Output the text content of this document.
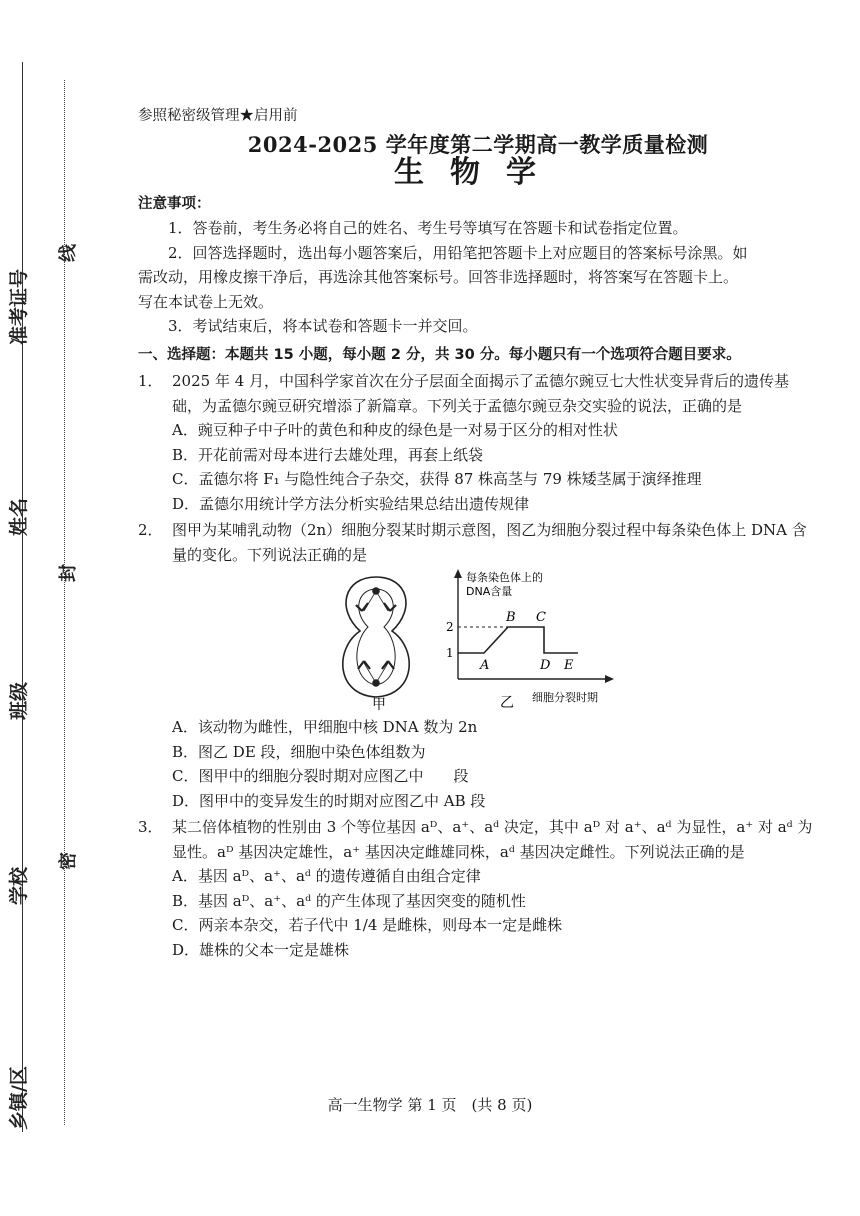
乡镇/区
学校
班级
姓名
准考证号
密
封
线
参照秘密级管理★启用前
2024-2025 学年度第二学期高一教学质量检测
生物学
注意事项：
1．答卷前，考生务必将自己的姓名、考生号等填写在答题卡和试卷指定位置。
2．回答选择题时，选出每小题答案后，用铅笔把答题卡上对应题目的答案标号涂黑。如
需改动，用橡皮擦干净后，再选涂其他答案标号。回答非选择题时，将答案写在答题卡上。
写在本试卷上无效。
3．考试结束后，将本试卷和答题卡一并交回。
一、选择题：本题共 15 小题，每小题 2 分，共 30 分。每小题只有一个选项符合题目要求。
1． 2025 年 4 月，中国科学家首次在分子层面全面揭示了孟德尔豌豆七大性状变异背后的遗传基础，为孟德尔豌豆研究增添了新篇章。下列关于孟德尔豌豆杂交实验的说法，正确的是
A．豌豆种子中子叶的黄色和种皮的绿色是一对易于区分的相对性状
B．开花前需对母本进行去雄处理，再套上纸袋
C．孟德尔将 F₁ 与隐性纯合子杂交，获得 87 株高茎与 79 株矮茎属于演绎推理
D．孟德尔用统计学方法分析实验结果总结出遗传规律
2． 图甲为某哺乳动物（2n）细胞分裂某时期示意图，图乙为细胞分裂过程中每条染色体上 DNA 含量的变化。下列说法正确的是
甲
每条染色体上的
DNA含量
1
2
A
B C
D E
乙 细胞分裂时期
A．该动物为雌性，甲细胞中核 DNA 数为 2n
B．图乙 DE 段，细胞中染色体组数为
C．图甲中的细胞分裂时期对应图乙中　　段
D．图甲中的变异发生的时期对应图乙中 AB 段
3． 某二倍体植物的性别由 3 个等位基因 aᴰ、a⁺、aᵈ 决定，其中 aᴰ 对 a⁺、aᵈ 为显性，a⁺ 对 aᵈ 为显性。aᴰ 基因决定雄性，a⁺ 基因决定雌雄同株，aᵈ 基因决定雌性。下列说法正确的是
A．基因 aᴰ、a⁺、aᵈ 的遗传遵循自由组合定律
B．基因 aᴰ、a⁺、aᵈ 的产生体现了基因突变的随机性
C．两亲本杂交，若子代中 1/4 是雌株，则母本一定是雌株
D．雄株的父本一定是雄株
高一生物学 第 1 页　(共 8 页)
